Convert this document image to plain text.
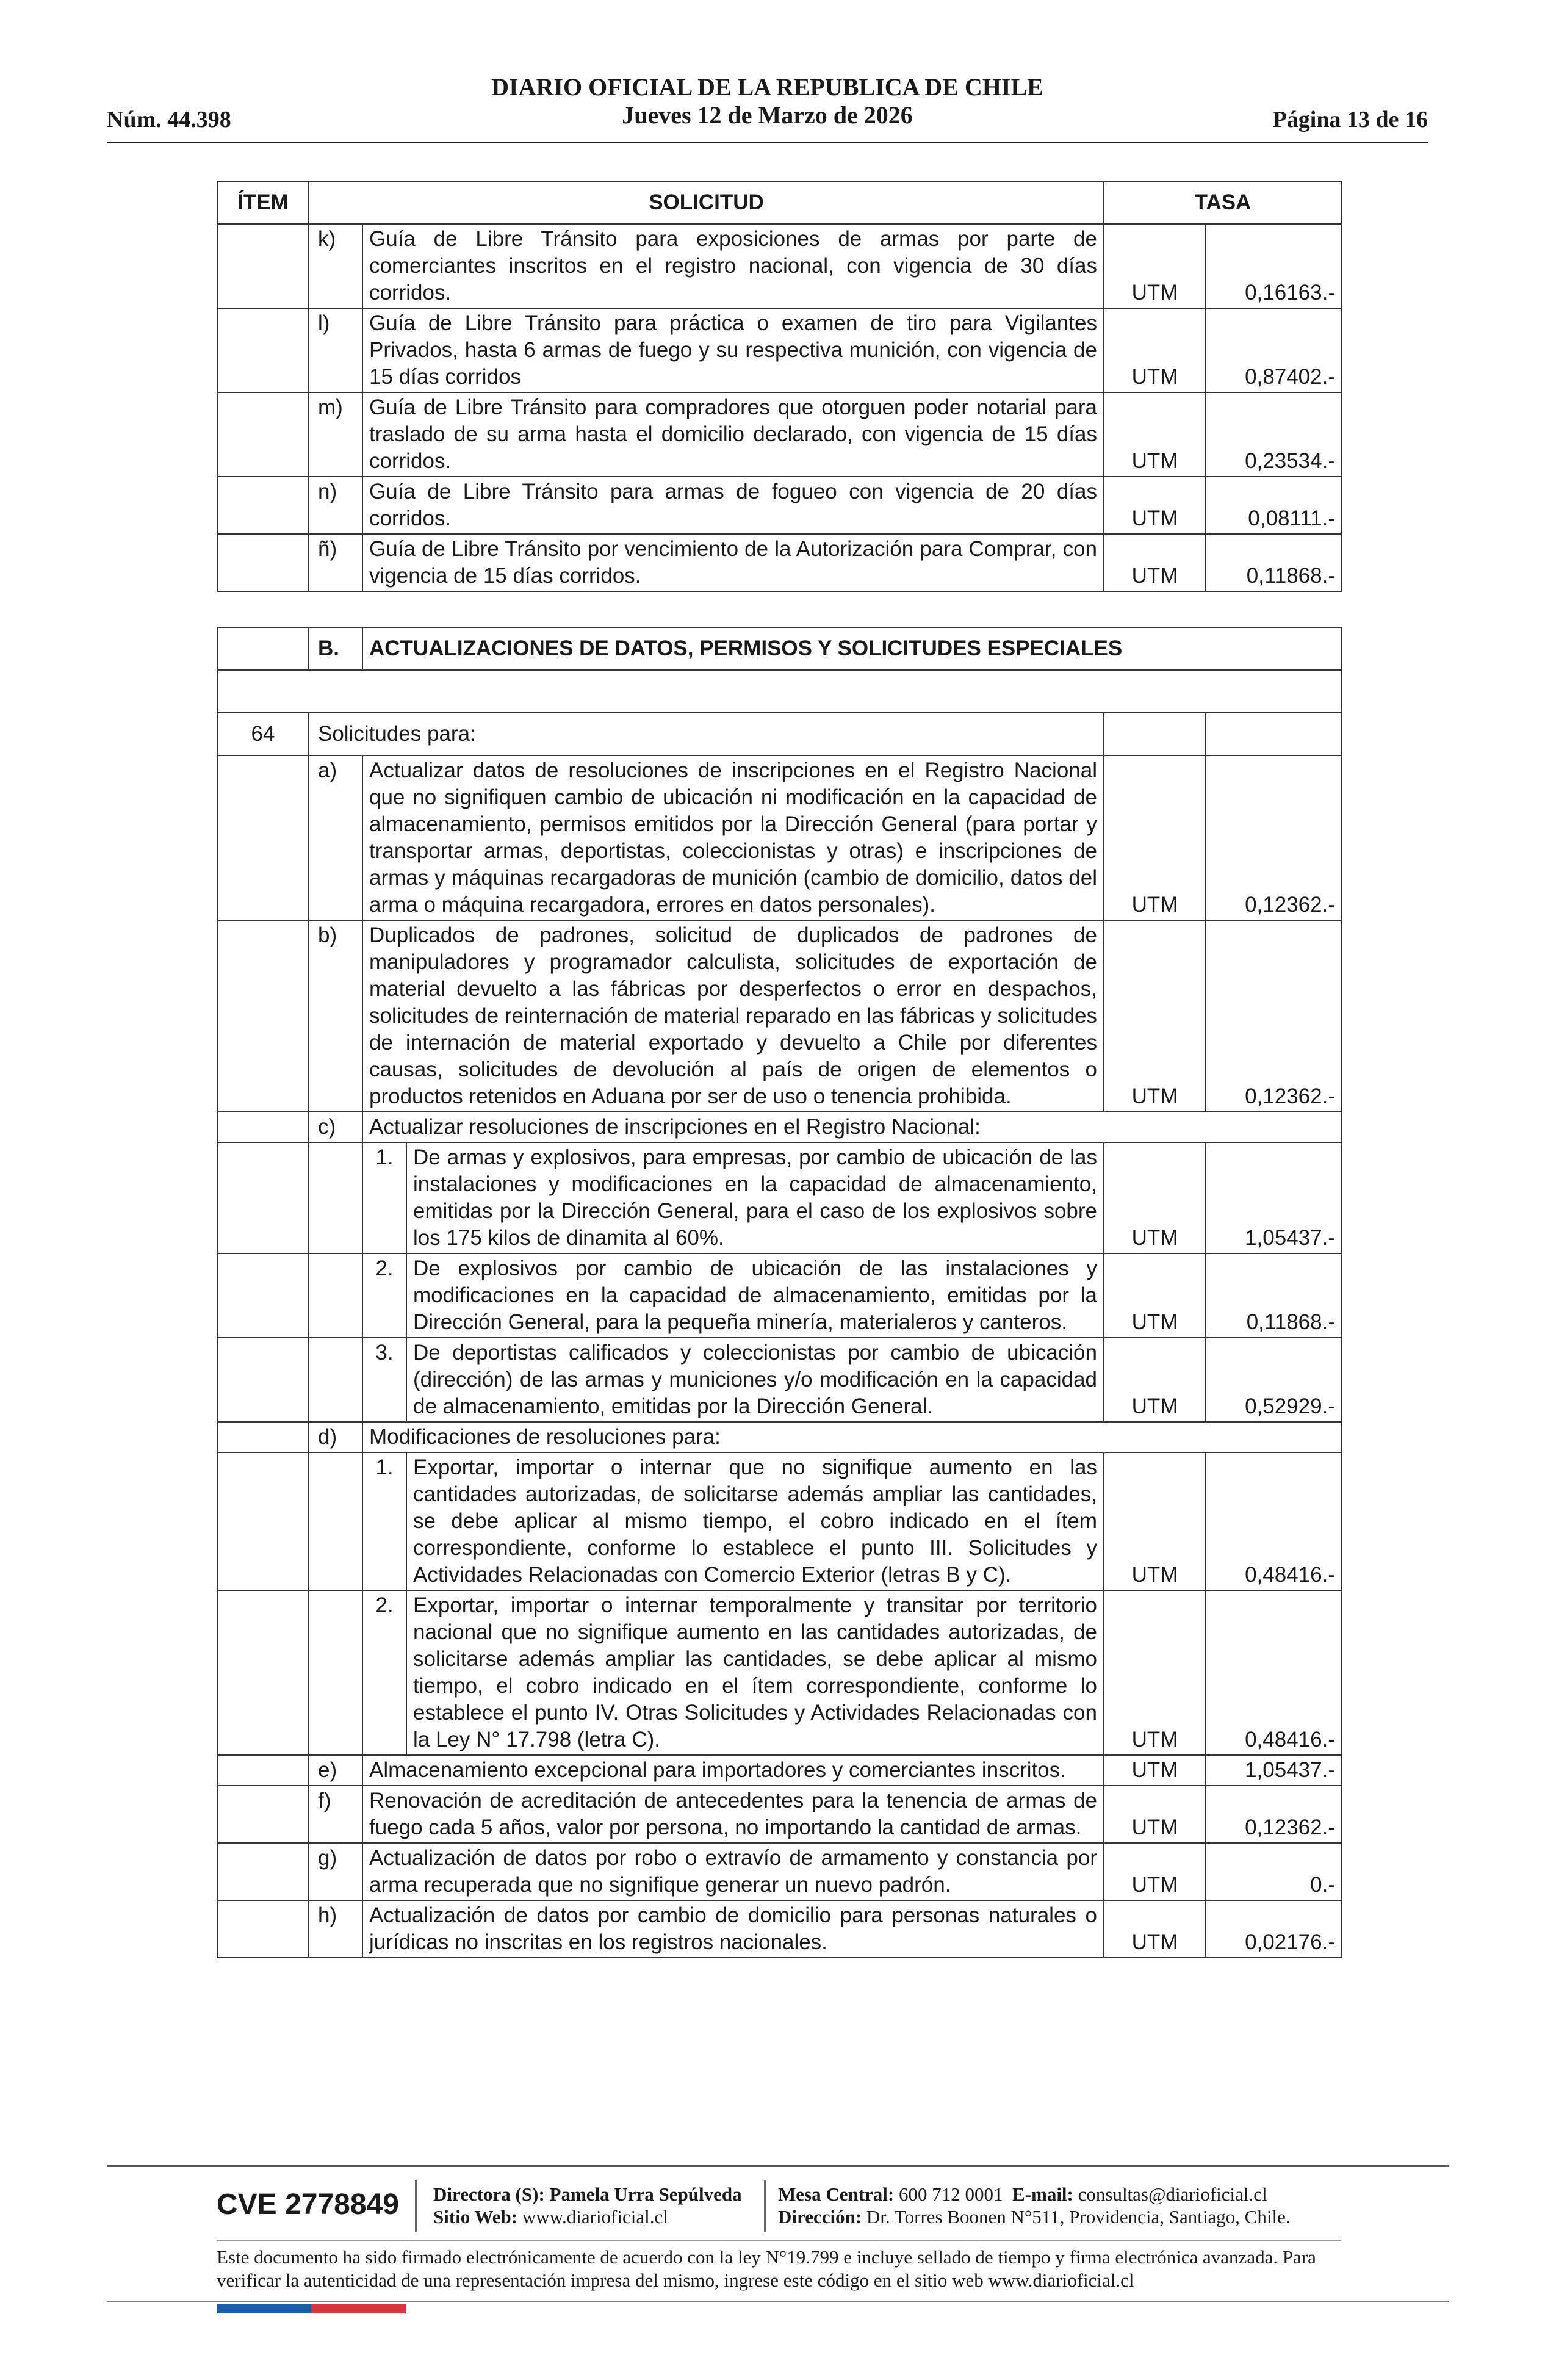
Núm. 44.398
DIARIO OFICIAL DE LA REPUBLICA DE CHILE
Jueves 12 de Marzo de 2026	Página 13 de 16
ÍTEM	SOLICITUD		TASA	
	k)	Guía de Libre Tránsito para exposiciones de armas por parte de comerciantes inscritos en el registro nacional, con vigencia de 30 días corridos.	UTM	0,16163.-
	l)	Guía de Libre Tránsito para práctica o examen de tiro para Vigilantes Privados, hasta 6 armas de fuego y su respectiva munición, con vigencia de 15 días corridos	UTM	0,87402.-
	m)	Guía de Libre Tránsito para compradores que otorguen poder notarial para traslado de su arma hasta el domicilio declarado, con vigencia de 15 días corridos.	UTM	0,23534.-
	n)	Guía de Libre Tránsito para armas de fogueo con vigencia de 20 días corridos.	UTM	0,08111.-
	ñ)	Guía de Libre Tránsito por vencimiento de la Autorización para Comprar, con vigencia de 15 días corridos.	UTM	0,11868.-
	B.	ACTUALIZACIONES DE DATOS, PERMISOS Y SOLICITUDES ESPECIALES			

64	Solicitudes para:				
	a)	Actualizar datos de resoluciones de inscripciones en el Registro Nacional que no signifiquen cambio de ubicación ni modificación en la capacidad de almacenamiento, permisos emitidos por la Dirección General (para portar y transportar armas, deportistas, coleccionistas y otras) e inscripciones de armas y máquinas recargadoras de munición (cambio de domicilio, datos del arma o máquina recargadora, errores en datos personales).		UTM	0,12362.-
	b)	Duplicados de padrones, solicitud de duplicados de padrones de manipuladores y programador calculista, solicitudes de exportación de material devuelto a las fábricas por desperfectos o error en despachos, solicitudes de reinternación de material reparado en las fábricas y solicitudes de internación de material exportado y devuelto a Chile por diferentes causas, solicitudes de devolución al país de origen de elementos o productos retenidos en Aduana por ser de uso o tenencia prohibida.		UTM	0,12362.-
	c)	Actualizar resoluciones de inscripciones en el Registro Nacional:			
		1.	De armas y explosivos, para empresas, por cambio de ubicación de las instalaciones y modificaciones en la capacidad de almacenamiento, emitidas por la Dirección General, para el caso de los explosivos sobre los 175 kilos de dinamita al 60%.	UTM	1,05437.-
		2.	De explosivos por cambio de ubicación de las instalaciones y modificaciones en la capacidad de almacenamiento, emitidas por la Dirección General, para la pequeña minería, materialeros y canteros.	UTM	0,11868.-
		3.	De deportistas calificados y coleccionistas por cambio de ubicación (dirección) de las armas y municiones y/o modificación en la capacidad de almacenamiento, emitidas por la Dirección General.	UTM	0,52929.-
	d)	Modificaciones de resoluciones para:			
		1.	Exportar, importar o internar que no signifique aumento en las cantidades autorizadas, de solicitarse además ampliar las cantidades, se debe aplicar al mismo tiempo, el cobro indicado en el ítem correspondiente, conforme lo establece el punto III. Solicitudes y Actividades Relacionadas con Comercio Exterior (letras B y C).	UTM	0,48416.-
		2.	Exportar, importar o internar temporalmente y transitar por territorio nacional que no signifique aumento en las cantidades autorizadas, de solicitarse además ampliar las cantidades, se debe aplicar al mismo tiempo, el cobro indicado en el ítem correspondiente, conforme lo establece el punto IV. Otras Solicitudes y Actividades Relacionadas con la Ley N° 17.798 (letra C).	UTM	0,48416.-
	e)	Almacenamiento excepcional para importadores y comerciantes inscritos.		UTM	1,05437.-
	f)	Renovación de acreditación de antecedentes para la tenencia de armas de fuego cada 5 años, valor por persona, no importando la cantidad de armas.		UTM	0,12362.-
	g)	Actualización de datos por robo o extravío de armamento y constancia por arma recuperada que no signifique generar un nuevo padrón.		UTM	0.-
	h)	Actualización de datos por cambio de domicilio para personas naturales o jurídicas no inscritas en los registros nacionales.		UTM	0,02176.-
CVE 2778849 Directora (S): Pamela Urra Sepúlveda
Sitio Web: www.diarioficial.cl
Mesa Central: 600 712 0001 E-mail: consultas@diarioficial.cl
Dirección: Dr. Torres Boonen N°511, Providencia, Santiago, Chile.
Este documento ha sido firmado electrónicamente de acuerdo con la ley N°19.799 e incluye sellado de tiempo y firma electrónica avanzada. Para verificar la autenticidad de una representación impresa del mismo, ingrese este código en el sitio web www.diarioficial.cl
